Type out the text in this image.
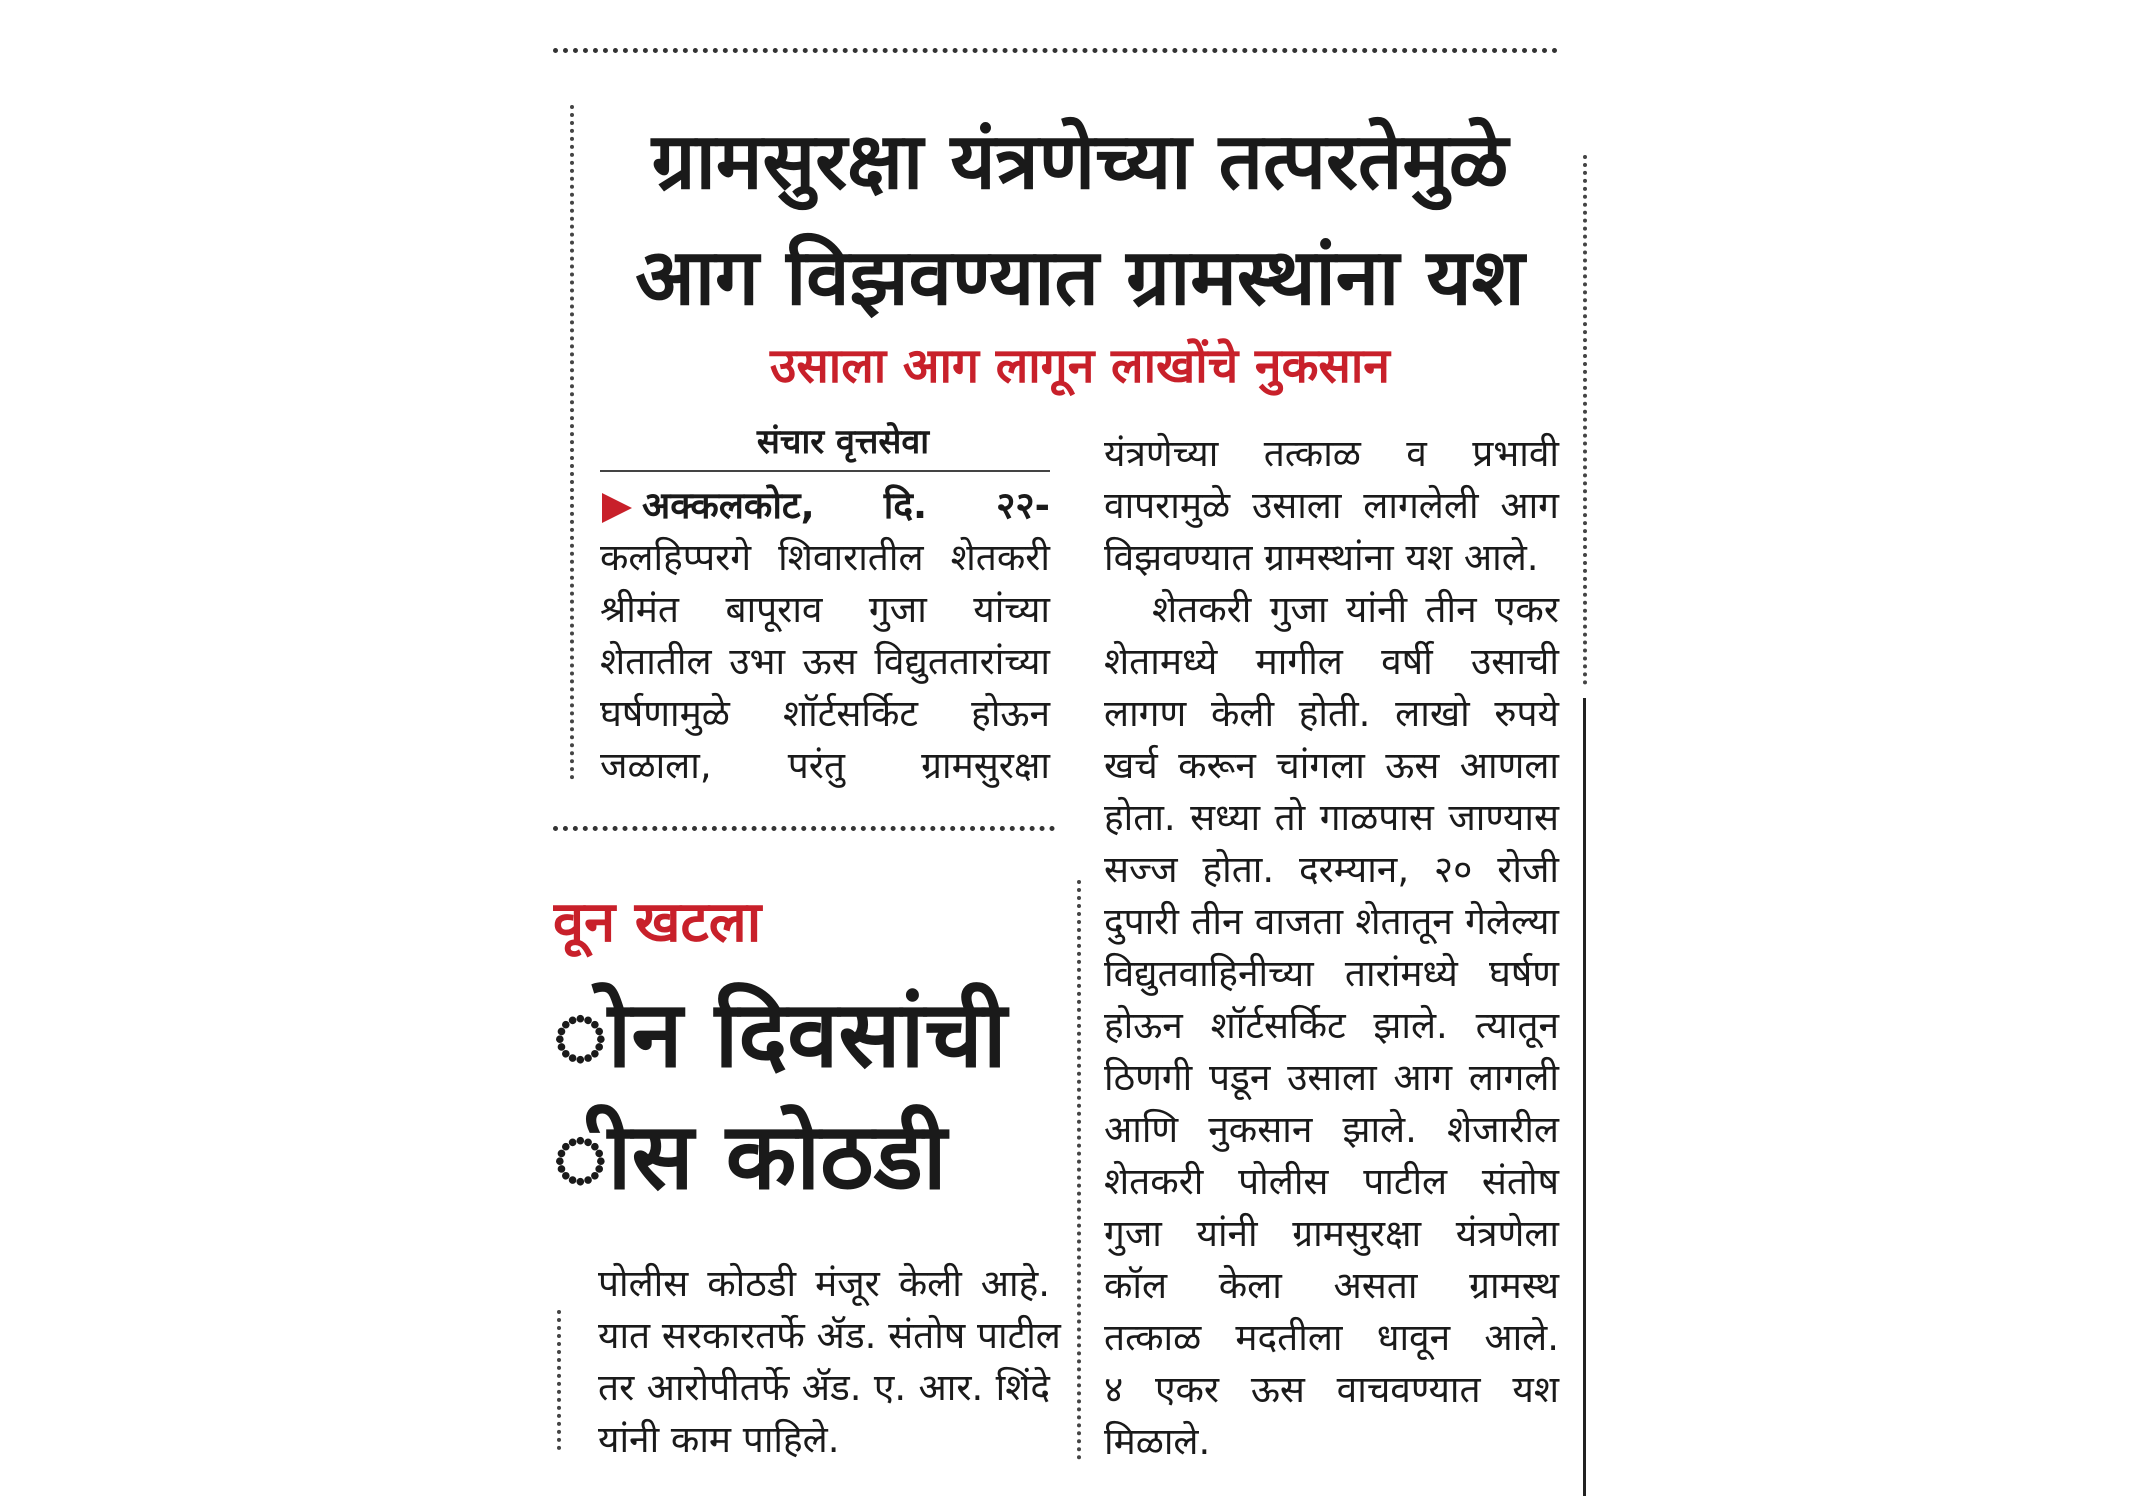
ग्रामसुरक्षा यंत्रणेच्या तत्परतेमुळे
आग विझवण्यात ग्रामस्थांना यश
उसाला आग लागून लाखोंचे नुकसान
संचार वृत्तसेवा
अक्कलकोट, दि. २२-
कलहिप्परगे शिवारातील शेतकरी
श्रीमंत बापूराव गुजा यांच्या
शेतातील उभा ऊस विद्युततारांच्या
घर्षणामुळे शॉर्टसर्किट होऊन
जळाला, परंतु ग्रामसुरक्षा
यंत्रणेच्या तत्काळ व प्रभावी
वापरामुळे उसाला लागलेली आग
विझवण्यात ग्रामस्थांना यश आले.
शेतकरी गुजा यांनी तीन एकर
शेतामध्ये मागील वर्षी उसाची
लागण केली होती. लाखो रुपये
खर्च करून चांगला ऊस आणला
होता. सध्या तो गाळपास जाण्यास
सज्ज होता. दरम्यान, २० रोजी
दुपारी तीन वाजता शेतातून गेलेल्या
विद्युतवाहिनीच्या तारांमध्ये घर्षण
होऊन शॉर्टसर्किट झाले. त्यातून
ठिणगी पडून उसाला आग लागली
आणि नुकसान झाले. शेजारील
शेतकरी पोलीस पाटील संतोष
गुजा यांनी ग्रामसुरक्षा यंत्रणेला
कॉल केला असता ग्रामस्थ
तत्काळ मदतीला धावून आले.
४ एकर ऊस वाचवण्यात यश
मिळाले.
वून खटला
ोन दिवसांची
ीस कोठडी
पोलीस कोठडी मंजूर केली आहे.
यात सरकारतर्फे ॲड. संतोष पाटील
तर आरोपीतर्फे ॲड. ए. आर. शिंदे
यांनी काम पाहिले.
